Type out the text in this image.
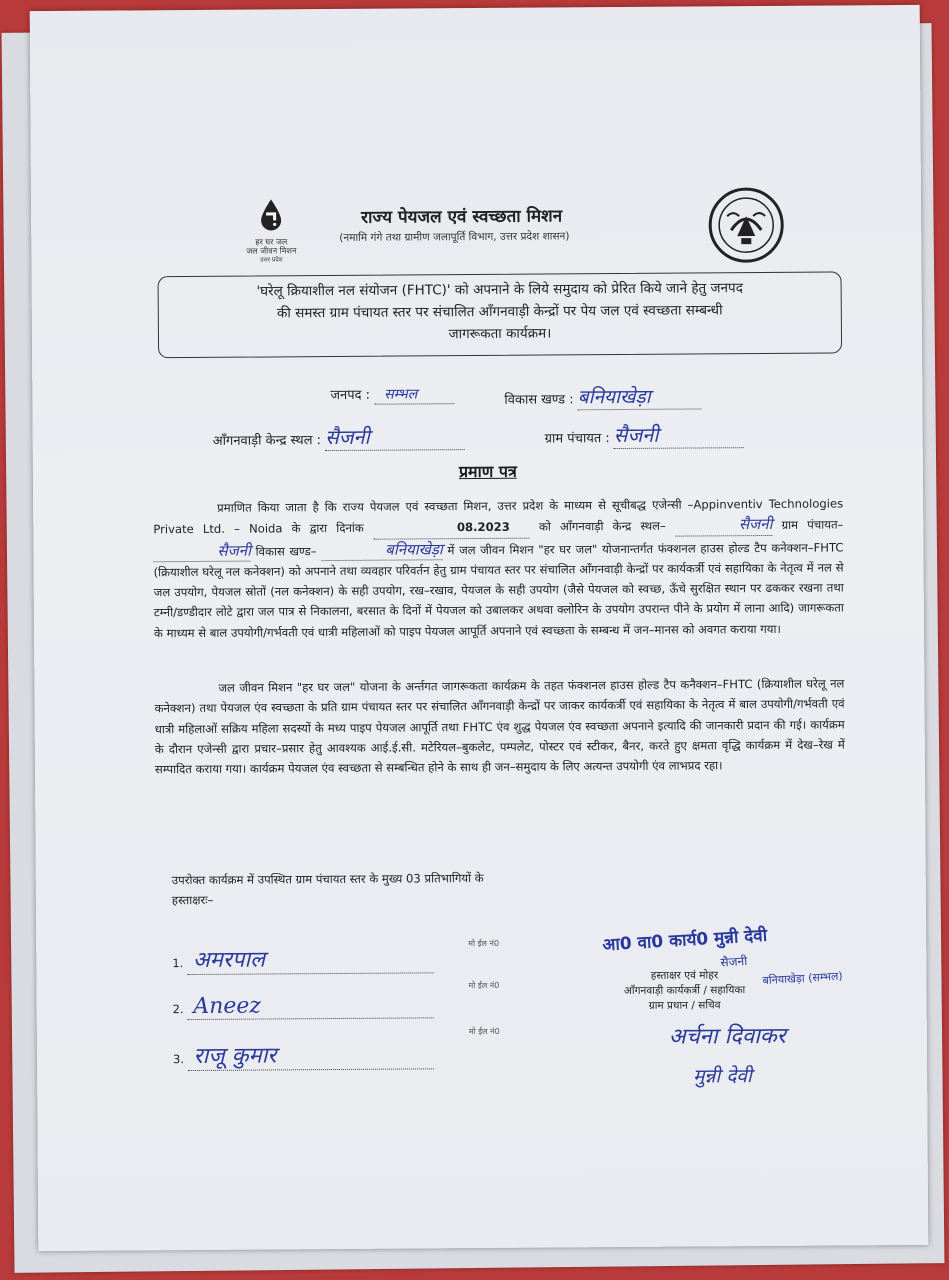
हर घर जल
जल जीवन मिशन
उत्तर प्रदेश
राज्य पेयजल एवं स्वच्छता मिशन
(नमामि गंगे तथा ग्रामीण जलापूर्ति विभाग, उत्तर प्रदेश शासन)
'घरेलू क्रियाशील नल संयोजन (FHTC)' को अपनाने के लिये समुदाय को प्रेरित किये जाने हेतु जनपद
की समस्त ग्राम पंचायत स्तर पर संचालित आँगनवाड़ी केन्द्रों पर पेय जल एवं स्वच्छता सम्बन्धी
जागरूकता कार्यक्रम।
जनपद : सम्भल	विकास खण्ड : बनियाखेड़ा
आँगनवाड़ी केन्द्र स्थल : सैजनी	ग्राम पंचायत : सैजनी
प्रमाण पत्र
प्रमाणित किया जाता है कि राज्य पेयजल एवं स्वच्छता मिशन, उत्तर प्रदेश के माध्यम से सूचीबद्ध एजेन्सी –Appinventiv Technologies Private Ltd. – Noida के द्वारा दिनांक	08.2023	को आँगनवाड़ी केन्द्र स्थल–	सैजनी ग्राम पंचायत– सैजनी विकास खण्ड–	बनियाखेड़ा में जल जीवन मिशन "हर घर जल" योजनान्तर्गत फंक्शनल हाउस होल्ड टैप कनेक्शन–FHTC (क्रियाशील घरेलू नल कनेक्शन) को अपनाने तथा व्यवहार परिवर्तन हेतु ग्राम पंचायत स्तर पर संचालित आँगनवाड़ी केन्द्रों पर कार्यकर्त्री एवं सहायिका के नेतृत्व में नल से जल उपयोग, पेयजल स्रोतों (नल कनेक्शन) के सही उपयोग, रख–रखाव, पेयजल के सही उपयोग (जैसे पेयजल को स्वच्छ, ऊँचे सुरक्षित स्थान पर ढककर रखना तथा टम्नी/डण्डीदार लोटे द्वारा जल पात्र से निकालना, बरसात के दिनों में पेयजल को उबालकर अथवा क्लोरिन के उपयोग उपरान्त पीने के प्रयोग में लाना आदि) जागरूकता के माध्यम से बाल उपयोगी/गर्भवती एवं धात्री महिलाओं को पाइप पेयजल आपूर्ति अपनाने एवं स्वच्छता के सम्बन्ध में जन–मानस को अवगत कराया गया।
जल जीवन मिशन "हर घर जल" योजना के अर्न्तगत जागरूकता कार्यक्रम के तहत फंक्शनल हाउस होल्ड टैप कनैक्शन–FHTC (क्रियाशील घरेलू नल कनेक्शन) तथा पेयजल एंव स्वच्छता के प्रति ग्राम पंचायत स्तर पर संचालित आँगनवाड़ी केन्द्रों पर जाकर कार्यकर्त्री एवं सहायिका के नेतृत्व में बाल उपयोगी/गर्भवती एवं धात्री महिलाओं सक्रिय महिला सदस्यों के मध्य पाइप पेयजल आपूर्ति तथा FHTC एंव शुद्ध पेयजल एंव स्वच्छता अपनाने इत्यादि की जानकारी प्रदान की गई। कार्यक्रम के दौरान एजेन्सी द्वारा प्रचार–प्रसार हेतु आवश्यक आई.ई.सी. मटेरियल–बुकलेट, पम्पलेट, पोस्टर एवं स्टीकर, बैनर, करते हुए क्षमता वृद्धि कार्यक्रम में देख–रेख में सम्पादित कराया गया। कार्यक्रम पेयजल एंव स्वच्छता से सम्बन्धित होने के साथ ही जन–समुदाय के लिए अत्यन्त उपयोगी एंव लाभप्रद रहा।
उपरोक्त कार्यक्रम में उपस्थित ग्राम पंचायत स्तर के मुख्य 03 प्रतिभागियों के
हस्ताक्षरः–
1. अमरपाल
मो ईल नं0
2. Aneez
मो ईल नं0
3. राजू कुमार
मो ईल नं0
आ0 वा0 कार्य0 मुन्नी देवी
सैजनी
बनियाखेड़ा (सम्भल)
हस्ताक्षर एवं मोहर
आँगनवाड़ी कार्यकर्त्री / सहायिका
ग्राम प्रधान / सचिव
अर्चना दिवाकर
मुन्नी देवी
